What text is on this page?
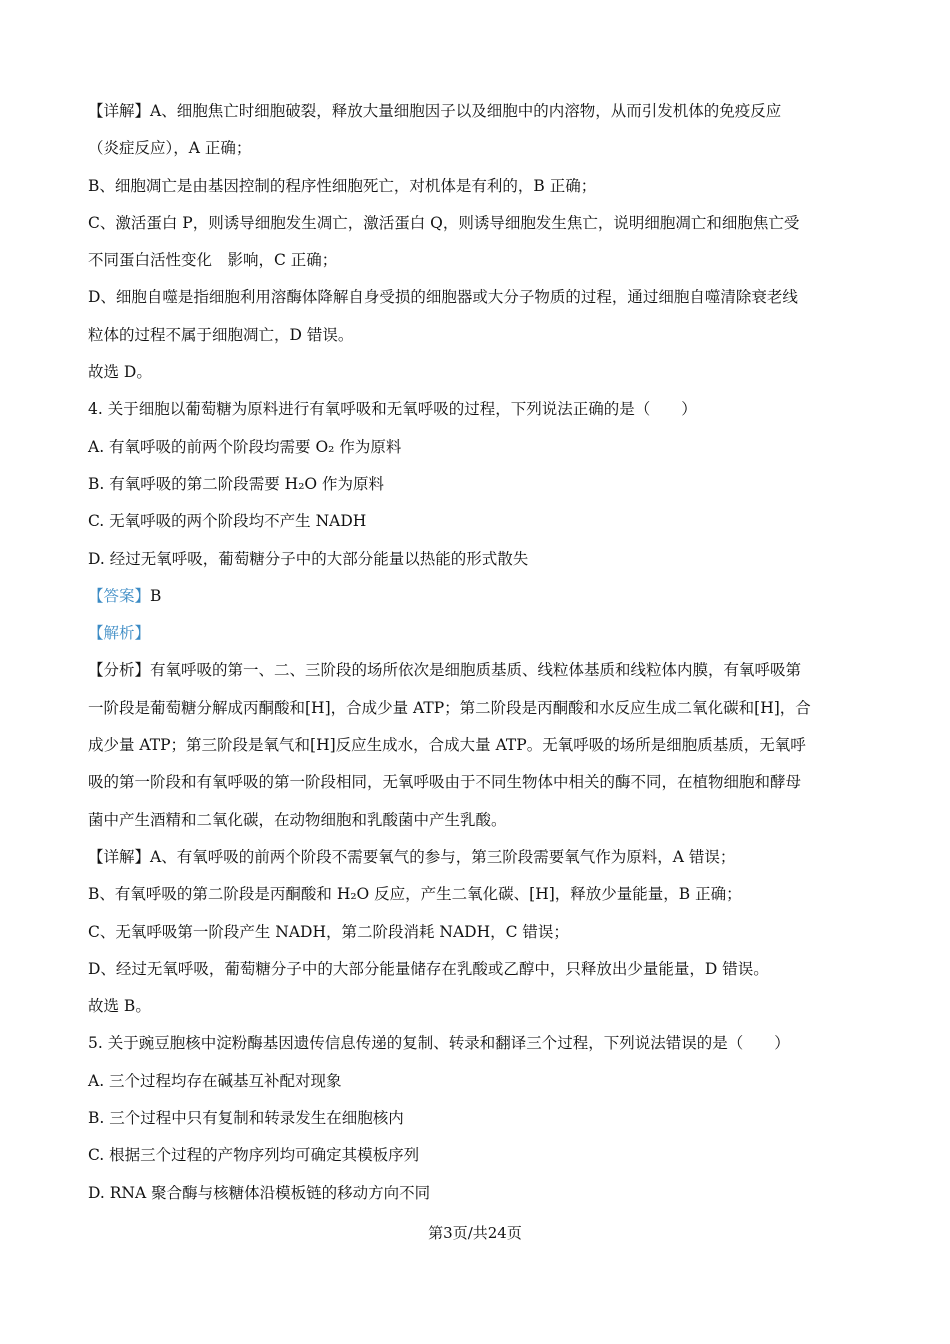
【详解】A、细胞焦亡时细胞破裂，释放大量细胞因子以及细胞中的内溶物，从而引发机体的免疫反应
（炎症反应），A 正确；
B、细胞凋亡是由基因控制的程序性细胞死亡，对机体是有利的，B 正确；
C、激活蛋白 P，则诱导细胞发生凋亡，激活蛋白 Q，则诱导细胞发生焦亡，说明细胞凋亡和细胞焦亡受
不同蛋白活性变化　影响，C 正确；
D、细胞自噬是指细胞利用溶酶体降解自身受损的细胞器或大分子物质的过程，通过细胞自噬清除衰老线
粒体的过程不属于细胞凋亡，D 错误。
故选 D。
4. 关于细胞以葡萄糖为原料进行有氧呼吸和无氧呼吸的过程，下列说法正确的是（　　）
A. 有氧呼吸的前两个阶段均需要 O₂ 作为原料
B. 有氧呼吸的第二阶段需要 H₂O 作为原料
C. 无氧呼吸的两个阶段均不产生 NADH
D. 经过无氧呼吸，葡萄糖分子中的大部分能量以热能的形式散失
【答案】B
【解析】
【分析】有氧呼吸的第一、二、三阶段的场所依次是细胞质基质、线粒体基质和线粒体内膜，有氧呼吸第
一阶段是葡萄糖分解成丙酮酸和[H]，合成少量 ATP；第二阶段是丙酮酸和水反应生成二氧化碳和[H]，合
成少量 ATP；第三阶段是氧气和[H]反应生成水，合成大量 ATP。无氧呼吸的场所是细胞质基质，无氧呼
吸的第一阶段和有氧呼吸的第一阶段相同，无氧呼吸由于不同生物体中相关的酶不同，在植物细胞和酵母
菌中产生酒精和二氧化碳，在动物细胞和乳酸菌中产生乳酸。
【详解】A、有氧呼吸的前两个阶段不需要氧气的参与，第三阶段需要氧气作为原料，A 错误；
B、有氧呼吸的第二阶段是丙酮酸和 H₂O 反应，产生二氧化碳、[H]，释放少量能量，B 正确；
C、无氧呼吸第一阶段产生 NADH，第二阶段消耗 NADH，C 错误；
D、经过无氧呼吸，葡萄糖分子中的大部分能量储存在乳酸或乙醇中，只释放出少量能量，D 错误。
故选 B。
5. 关于豌豆胞核中淀粉酶基因遗传信息传递的复制、转录和翻译三个过程，下列说法错误的是（　　）
A. 三个过程均存在碱基互补配对现象
B. 三个过程中只有复制和转录发生在细胞核内
C. 根据三个过程的产物序列均可确定其模板序列
D. RNA 聚合酶与核糖体沿模板链的移动方向不同
第3页/共24页
